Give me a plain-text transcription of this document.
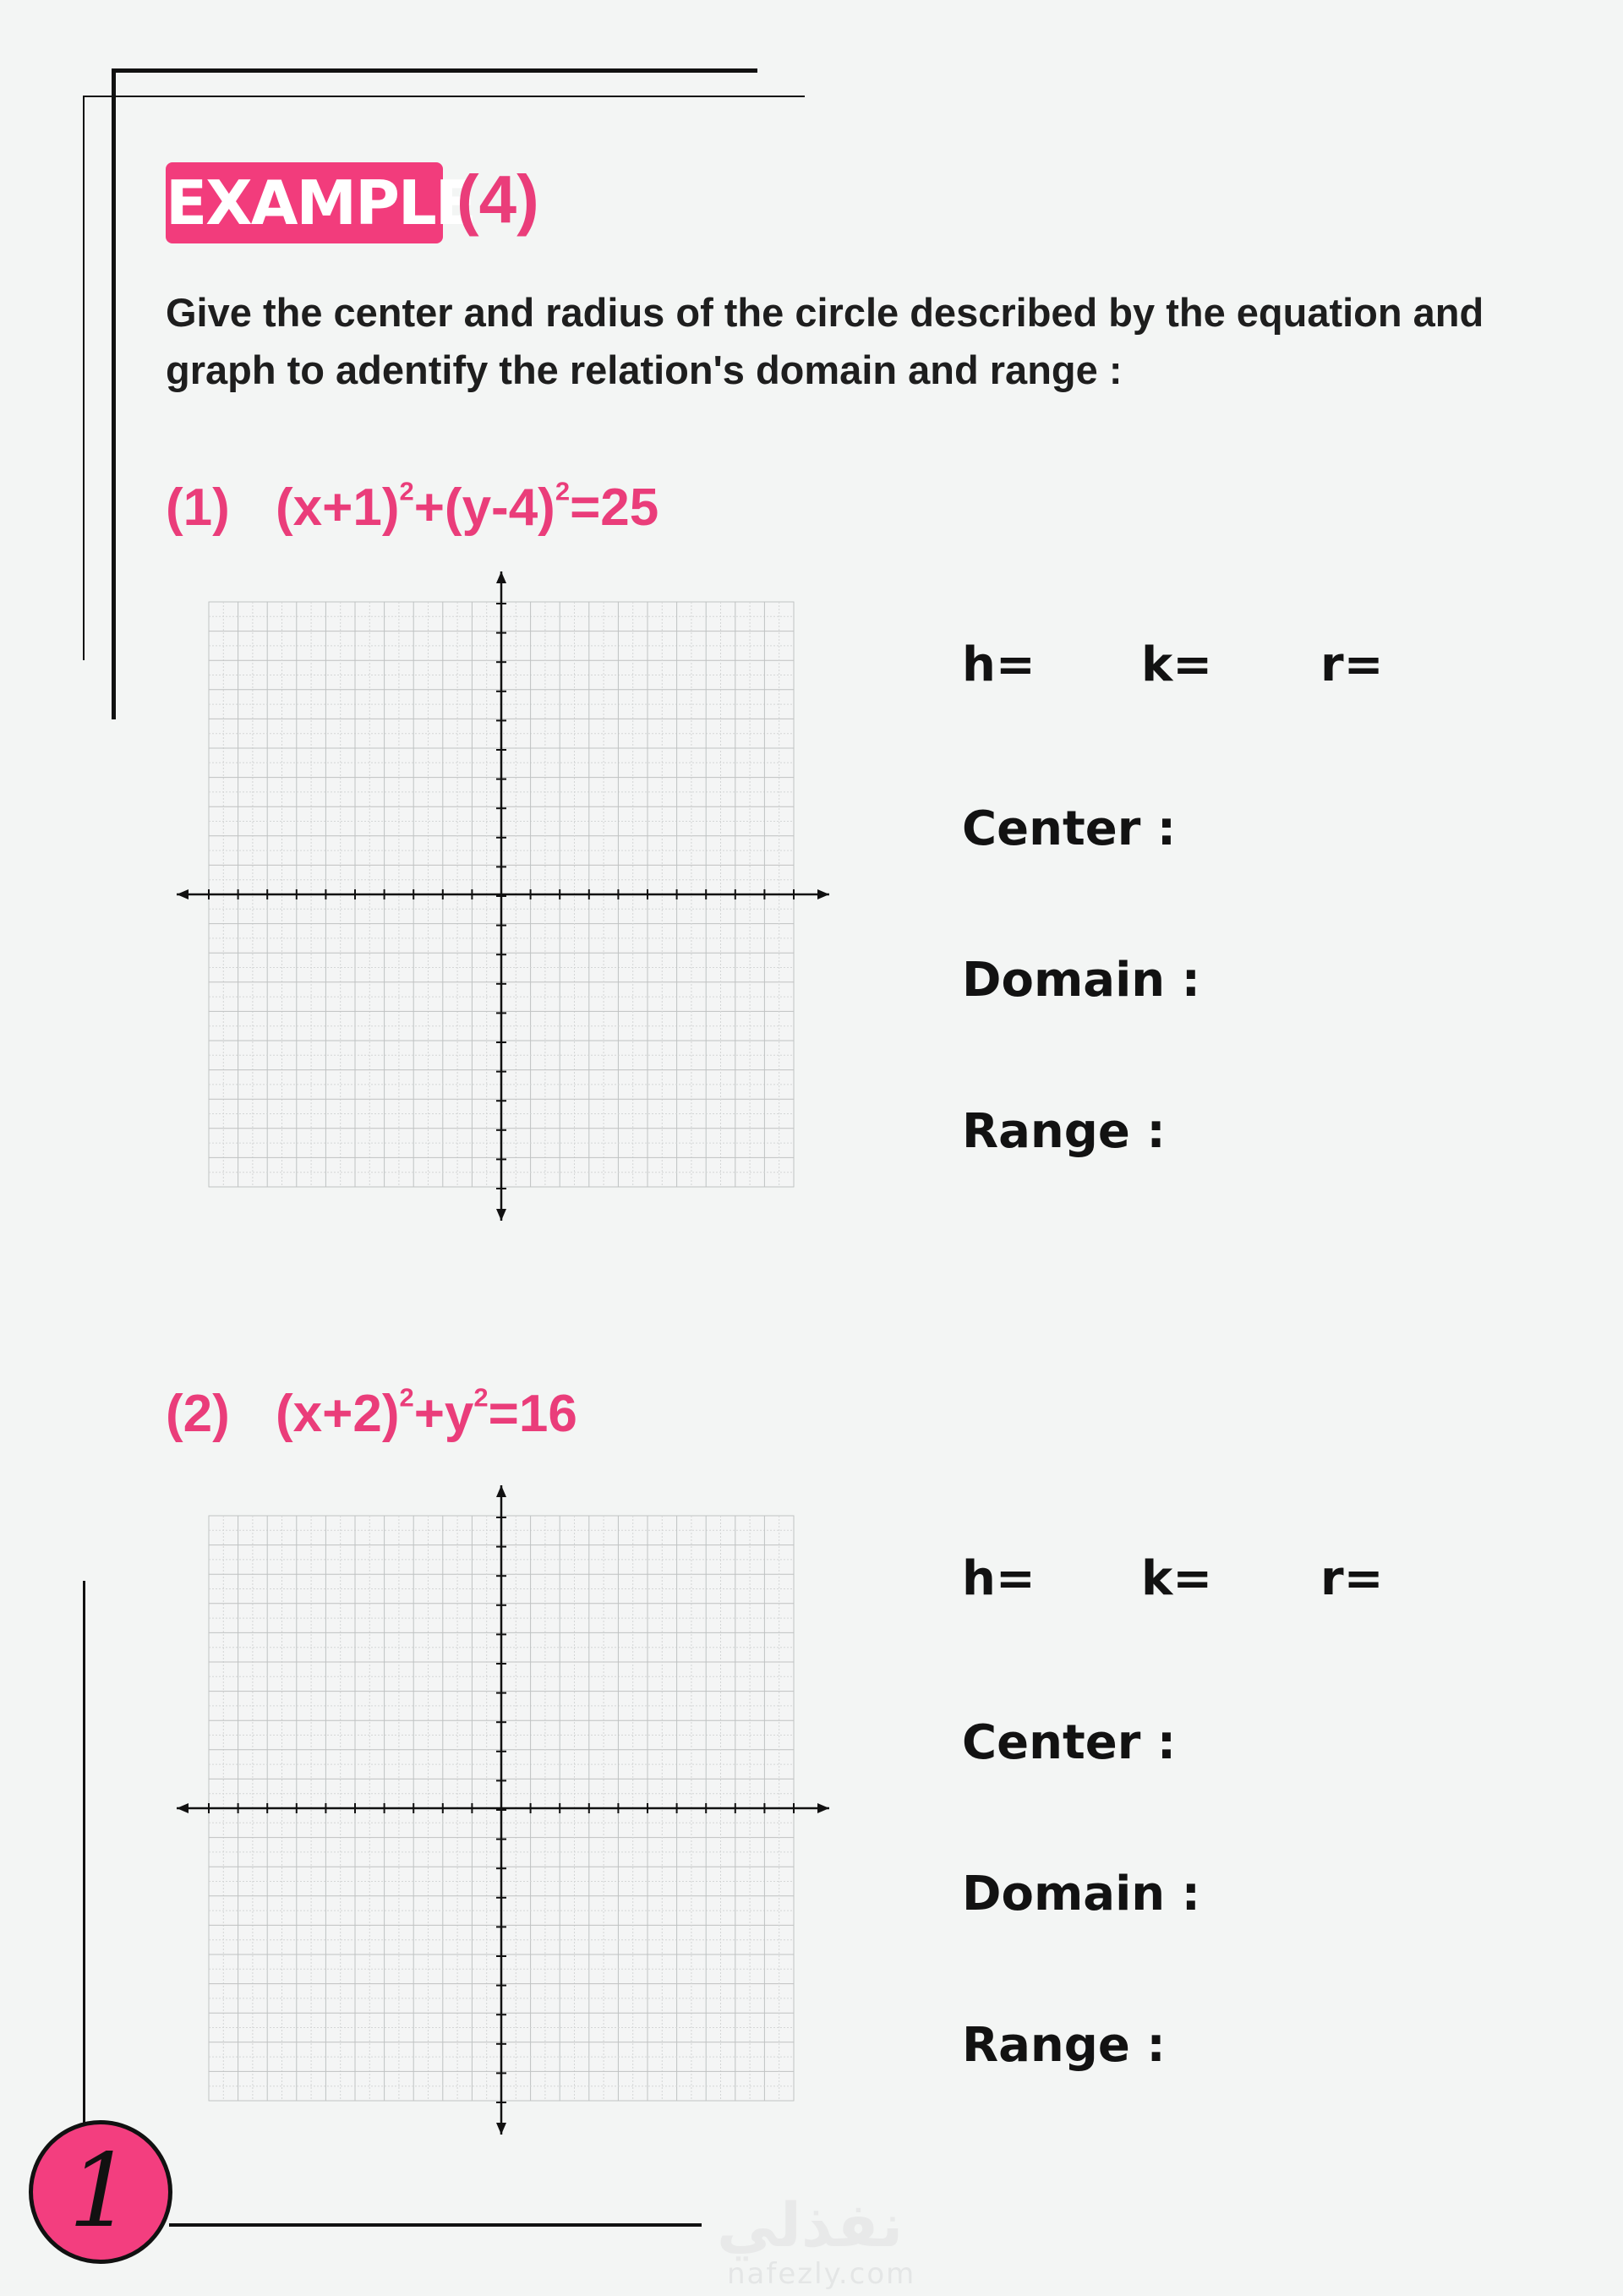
EXAMPLE
(4)
Give the center and radius of the circle described by the equation and graph to adentify the relation's domain and range :
(1) $(x+1)^2+(y-4)^2=25$
h= k= r=
Center :
Domain :
Range :
(2) $(x+2)^2+y^2=16$
h= k= r=
Center :
Domain :
Range :
1	نفذلي
nafezly.com
